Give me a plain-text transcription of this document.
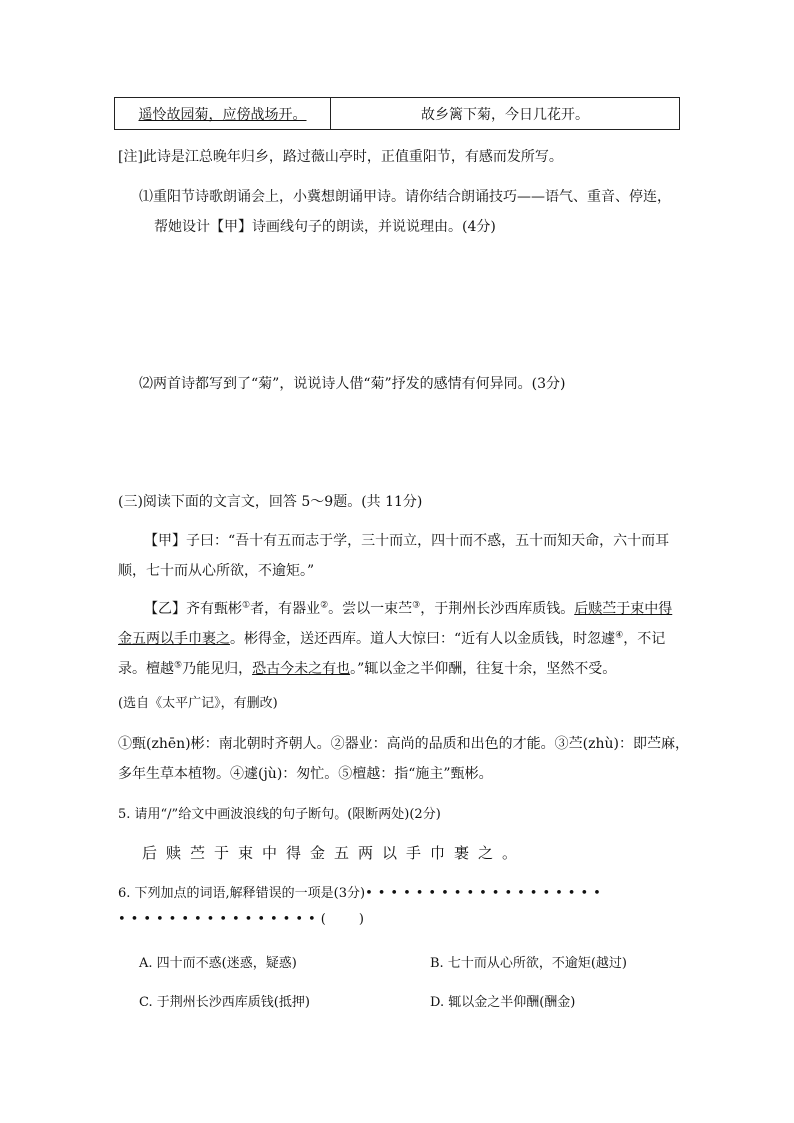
遥怜故园菊，应傍战场开。	故乡篱下菊，今日几花开。
[注]此诗是江总晚年归乡，路过薇山亭时，正值重阳节，有感而发所写。
⑴重阳节诗歌朗诵会上，小冀想朗诵甲诗。请你结合朗诵技巧——语气、重音、停连，
帮她设计【甲】诗画线句子的朗读，并说说理由。(4分)
⑵两首诗都写到了“菊”，说说诗人借“菊”抒发的感情有何异同。(3分)
(三)阅读下面的文言文，回答 5～9题。(共 11分)
【甲】子曰：“吾十有五而志于学，三十而立，四十而不惑，五十而知天命，六十而耳
顺，七十而从心所欲，不逾矩。”
【乙】齐有甄彬①者，有器业②。尝以一束苎③，于荆州长沙西库质钱。后赎苎于束中得
金五两以手巾裹之。彬得金，送还西库。道人大惊曰：“近有人以金质钱，时忽遽④，不记
录。檀越⑤乃能见归，恐古今未之有也。”辄以金之半仰酬，往复十余，坚然不受。
(选自《太平广记》，有删改)
①甄(zhēn)彬：南北朝时齐朝人。②器业：高尚的品质和出色的才能。③苎(zhù)：即苎麻，
多年生草本植物。④遽(jù)：匆忙。⑤檀越：指“施主”甄彬。
5. 请用“/”给文中画波浪线的句子断句。(限断两处)(2分)
后赎苎于束中得金五两以手巾裹之。
6. 下列加点的词语,解释错误的一项是(3分)•••••••••••••••••••
••••••••••••••••(        )
A. 四十而不惑(迷惑，疑惑)	B. 七十而从心所欲，不逾矩(越过)
C. 于荆州长沙西库质钱(抵押)	D. 辄以金之半仰酬(酬金)
